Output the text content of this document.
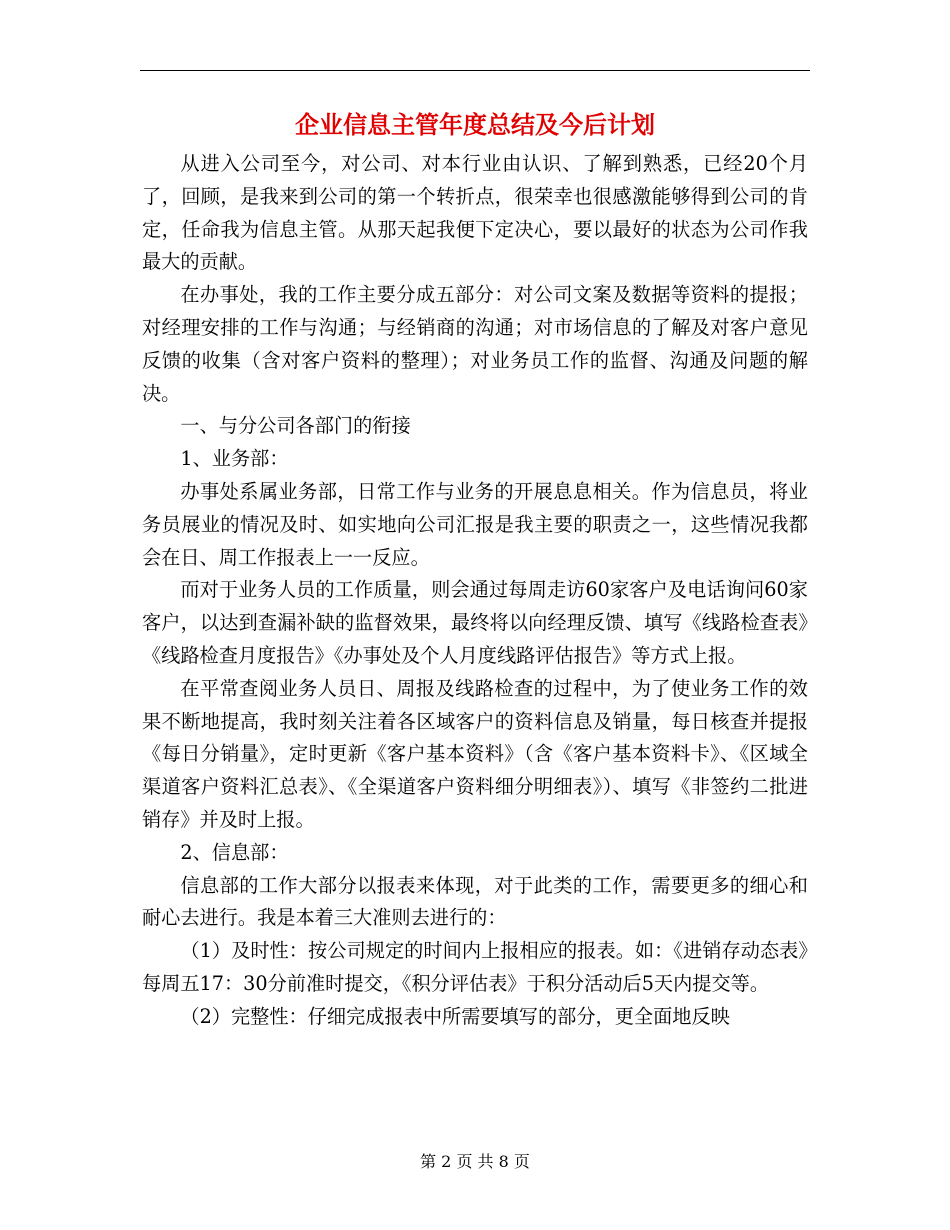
企业信息主管年度总结及今后计划

从进入公司至今，对公司、对本行业由认识、了解到熟悉，已经20个月了，回顾，是我来到公司的第一个转折点，很荣幸也很感激能够得到公司的肯定，任命我为信息主管。从那天起我便下定决心，要以最好的状态为公司作我最大的贡献。

在办事处，我的工作主要分成五部分：对公司文案及数据等资料的提报；对经理安排的工作与沟通；与经销商的沟通；对市场信息的了解及对客户意见反馈的收集（含对客户资料的整理）；对业务员工作的监督、沟通及问题的解决。

一、与分公司各部门的衔接

1、业务部：

办事处系属业务部，日常工作与业务的开展息息相关。作为信息员，将业务员展业的情况及时、如实地向公司汇报是我主要的职责之一，这些情况我都会在日、周工作报表上一一反应。

而对于业务人员的工作质量，则会通过每周走访60家客户及电话询问60家客户，以达到查漏补缺的监督效果，最终将以向经理反馈、填写《线路检查表》《线路检查月度报告》《办事处及个人月度线路评估报告》等方式上报。

在平常查阅业务人员日、周报及线路检查的过程中，为了使业务工作的效果不断地提高，我时刻关注着各区域客户的资料信息及销量，每日核查并提报《每日分销量》，定时更新《客户基本资料》（含《客户基本资料卡》、《区域全渠道客户资料汇总表》、《全渠道客户资料细分明细表》）、填写《非签约二批进销存》并及时上报。

2、信息部：

信息部的工作大部分以报表来体现，对于此类的工作，需要更多的细心和耐心去进行。我是本着三大准则去进行的：

（1）及时性：按公司规定的时间内上报相应的报表。如：《进销存动态表》每周五17：30分前准时提交，《积分评估表》于积分活动后5天内提交等。

（2）完整性：仔细完成报表中所需要填写的部分，更全面地反映

第 2 页 共 8 页
